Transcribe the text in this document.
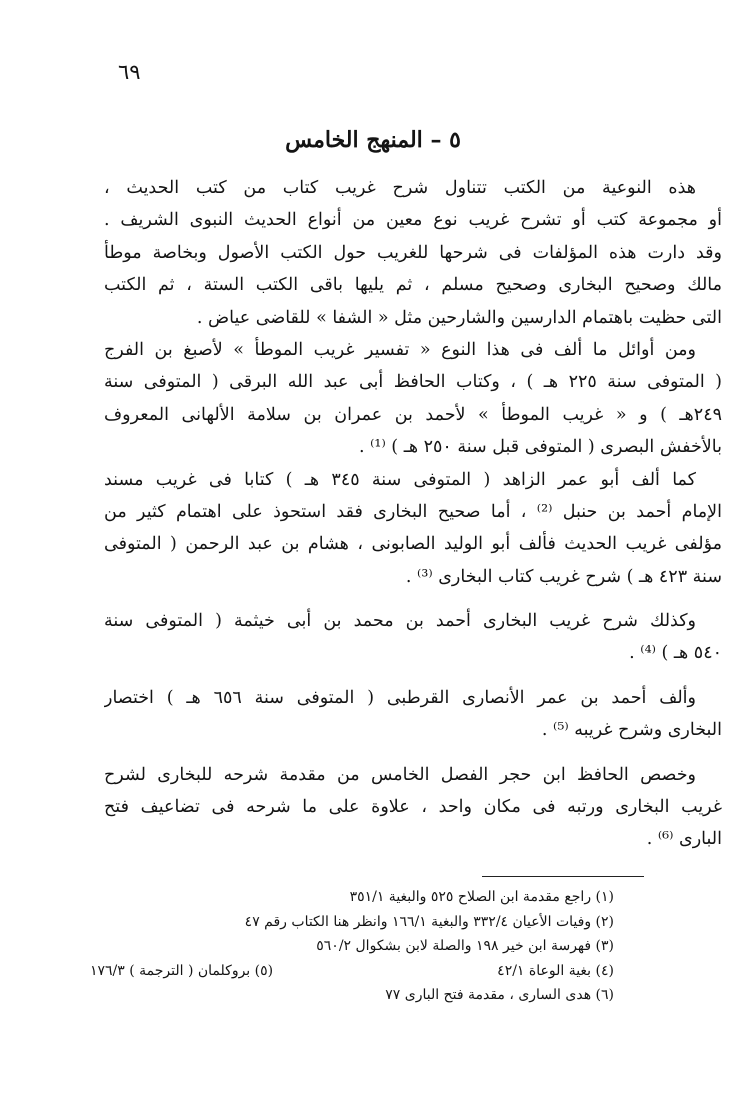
٦٩
٥ – المنهج الخامس
هذه النوعية من الكتب تتناول شرح غريب كتاب من كتب الحديث ،
أو مجموعة كتب أو تشرح غريب نوع معين من أنواع الحديث النبوى الشريف .
وقد دارت هذه المؤلفات فى شرحها للغريب حول الكتب الأصول وبخاصة موطأ
مالك وصحيح البخارى وصحيح مسلم ، ثم يليها باقى الكتب الستة ، ثم الكتب
التى حظيت باهتمام الدارسين والشارحين مثل « الشفا » للقاضى عياض .
ومن أوائل ما ألف فى هذا النوع « تفسير غريب الموطأ » لأصبغ بن الفرج
( المتوفى سنة ٢٢٥ هـ ) ، وكتاب الحافظ أبى عبد الله البرقى ( المتوفى سنة
٢٤٩هـ ) و « غريب الموطأ » لأحمد بن عمران بن سلامة الألهانى المعروف
بالأخفش البصرى ( المتوفى قبل سنة ٢٥٠ هـ ) ⁽¹⁾ .
كما ألف أبو عمر الزاهد ( المتوفى سنة ٣٤٥ هـ ) كتابا فى غريب مسند
الإمام أحمد بن حنبل ⁽²⁾ ، أما صحيح البخارى فقد استحوذ على اهتمام كثير من
مؤلفى غريب الحديث فألف أبو الوليد الصابونى ، هشام بن عبد الرحمن ( المتوفى
سنة ٤٢٣ هـ ) شرح غريب كتاب البخارى ⁽³⁾ .
وكذلك شرح غريب البخارى أحمد بن محمد بن أبى خيثمة ( المتوفى سنة
٥٤٠ هـ ) ⁽⁴⁾ .
وألف أحمد بن عمر الأنصارى القرطبى ( المتوفى سنة ٦٥٦ هـ ) اختصار
البخارى وشرح غريبه ⁽⁵⁾ .
وخصص الحافظ ابن حجر الفصل الخامس من مقدمة شرحه للبخارى لشرح
غريب البخارى ورتبه فى مكان واحد ، علاوة على ما شرحه فى تضاعيف فتح
البارى ⁽⁶⁾ .
(١) راجع مقدمة ابن الصلاح ٥٢٥ والبغية ٣٥١/١
(٢) وفيات الأعيان ٣٣٢/٤ والبغية ١٦٦/١ وانظر هنا الكتاب رقم ٤٧
(٣) فهرسة ابن خير ١٩٨ والصلة لابن بشكوال ٥٦٠/٢
(٤) بغية الوعاة ٤٢/١
(٥) بروكلمان ( الترجمة ) ١٧٦/٣
(٦) هدى السارى ، مقدمة فتح البارى ٧٧
